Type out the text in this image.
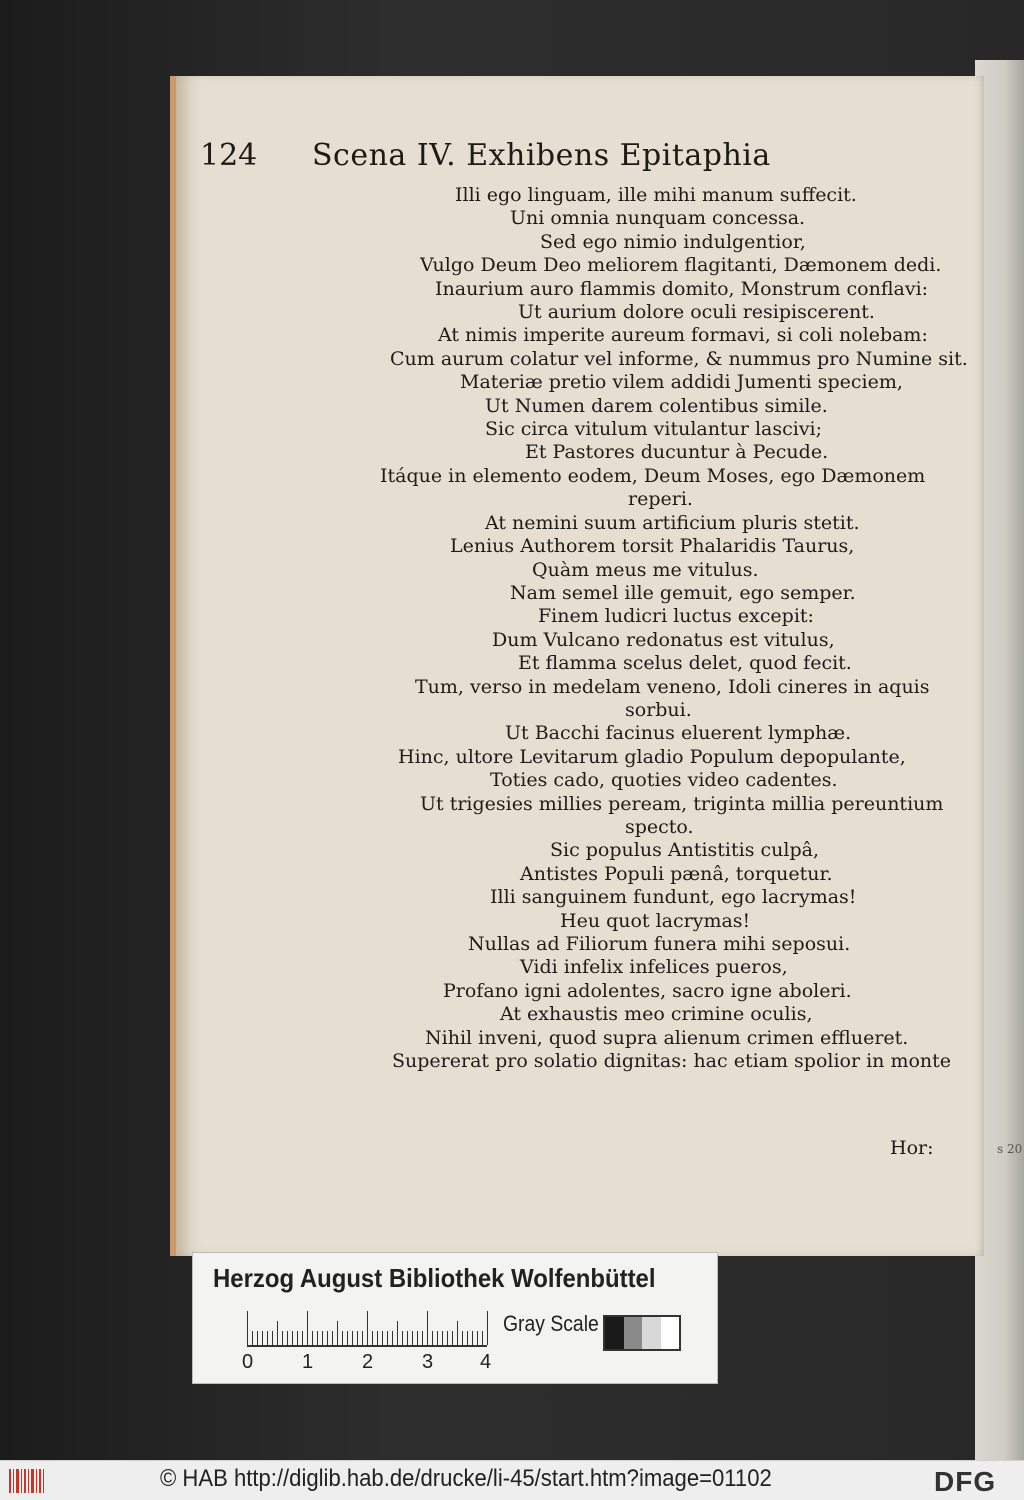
124 Scena IV. Exhibens Epitaphia
Illi ego linguam, ille mihi manum suffecit.
Uni omnia nunquam concessa.
Sed ego nimio indulgentior,
Vulgo Deum Deo meliorem flagitanti, Dæmonem dedi.
Inaurium auro flammis domito, Monstrum conflavi:
Ut aurium dolore oculi resipiscerent.
At nimis imperite aureum formavi, si coli nolebam:
Cum aurum colatur vel informe, & nummus pro Numine sit.
Materiæ pretio vilem addidi Jumenti speciem,
Ut Numen darem colentibus simile.
Sic circa vitulum vitulantur lascivi;
Et Pastores ducuntur à Pecude.
Itáque in elemento eodem, Deum Moses, ego Dæmonem
reperi.
At nemini suum artificium pluris stetit.
Lenius Authorem torsit Phalaridis Taurus,
Quàm meus me vitulus.
Nam semel ille gemuit, ego semper.
Finem ludicri luctus excepit:
Dum Vulcano redonatus est vitulus,
Et flamma scelus delet, quod fecit.
Tum, verso in medelam veneno, Idoli cineres in aquis
sorbui.
Ut Bacchi facinus eluerent lymphæ.
Hinc, ultore Levitarum gladio Populum depopulante,
Toties cado, quoties video cadentes.
Ut trigesies millies peream, triginta millia pereuntium
specto.
Sic populus Antistitis culpâ,
Antistes Populi pænâ, torquetur.
Illi sanguinem fundunt, ego lacrymas!
Heu quot lacrymas!
Nullas ad Filiorum funera mihi seposui.
Vidi infelix infelices pueros,
Profano igni adolentes, sacro igne aboleri.
At exhaustis meo crimine oculis,
Nihil inveni, quod supra alienum crimen efflueret.
Supererat pro solatio dignitas: hac etiam spolior in monte
Hor:	s 20
Herzog August Bibliothek Wolfenbüttel
0 1 2 3 4
Gray Scale
© HAB http://diglib.hab.de/drucke/li-45/start.htm?image=01102	DFG
